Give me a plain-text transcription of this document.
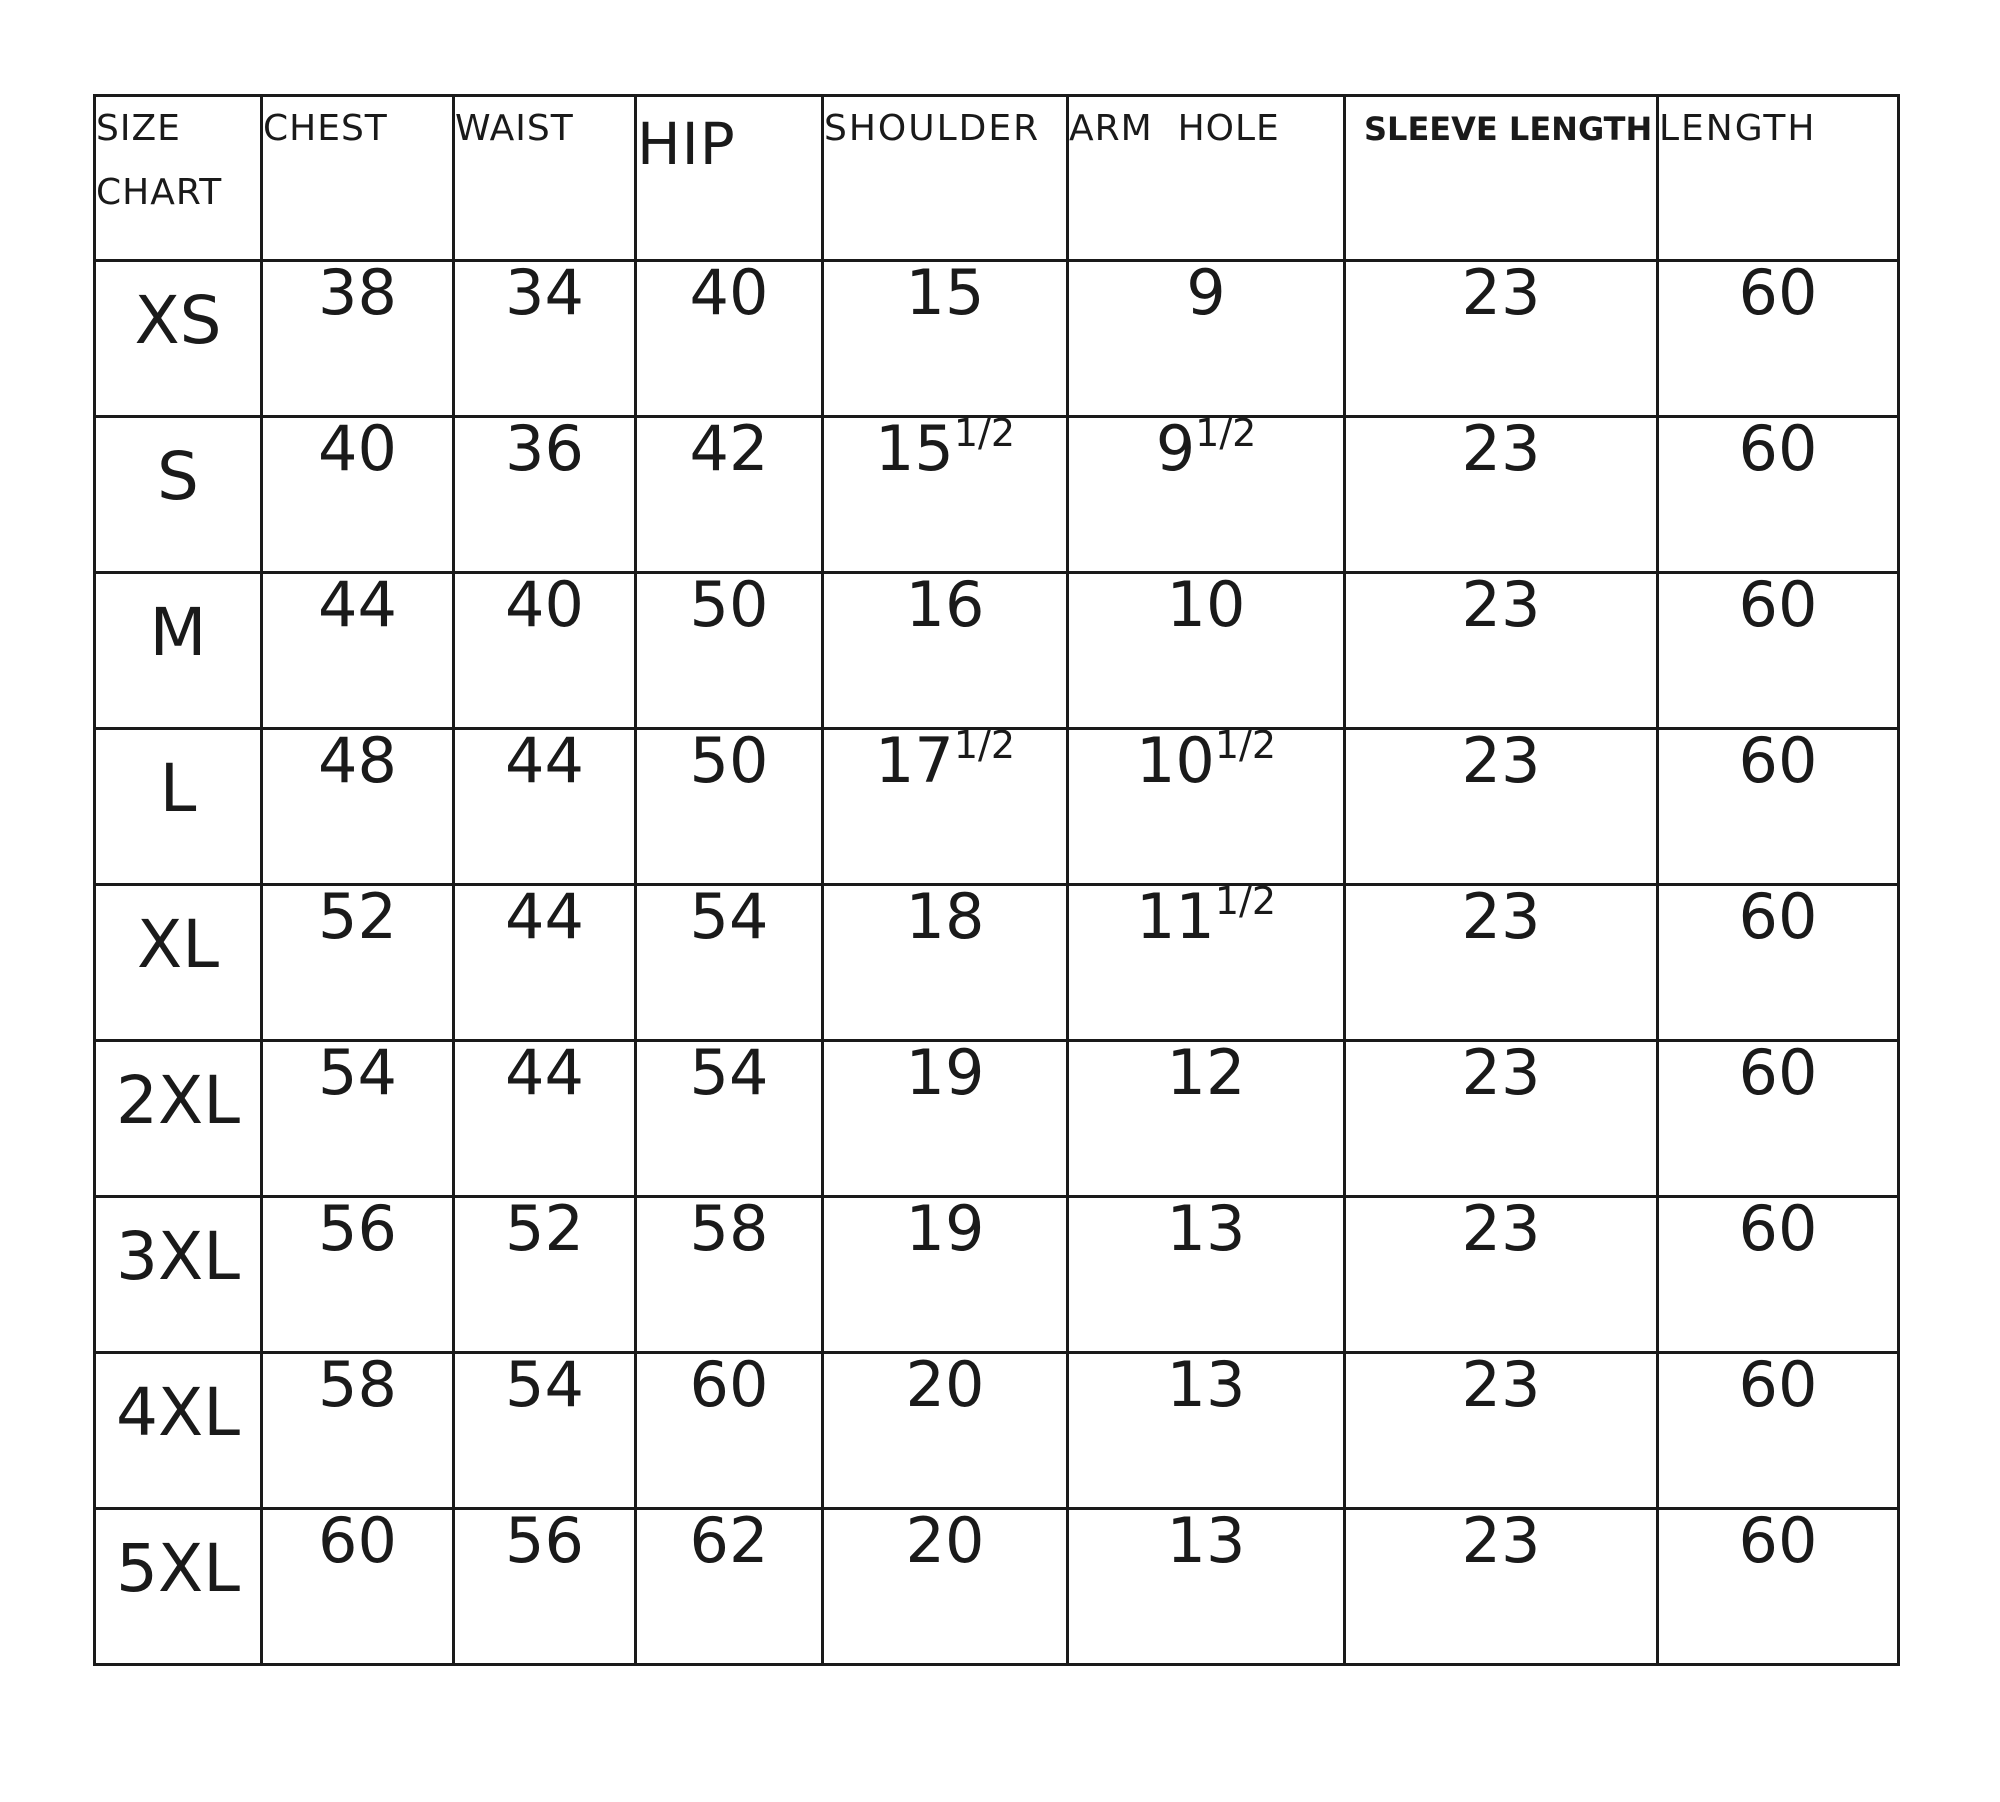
SIZE
CHART	CHEST	WAIST	HIP	SHOULDER	ARM  HOLE	SLEEVE LENGTH	LENGTH
XS	38	34	40	15	9	23	60
S	40	36	42	$15^{1/2}$	$9^{1/2}$	23	60
M	44	40	50	16	10	23	60
L	48	44	50	$17^{1/2}$	$10^{1/2}$	23	60
XL	52	44	54	18	$11^{1/2}$	23	60
2XL	54	44	54	19	12	23	60
3XL	56	52	58	19	13	23	60
4XL	58	54	60	20	13	23	60
5XL	60	56	62	20	13	23	60
